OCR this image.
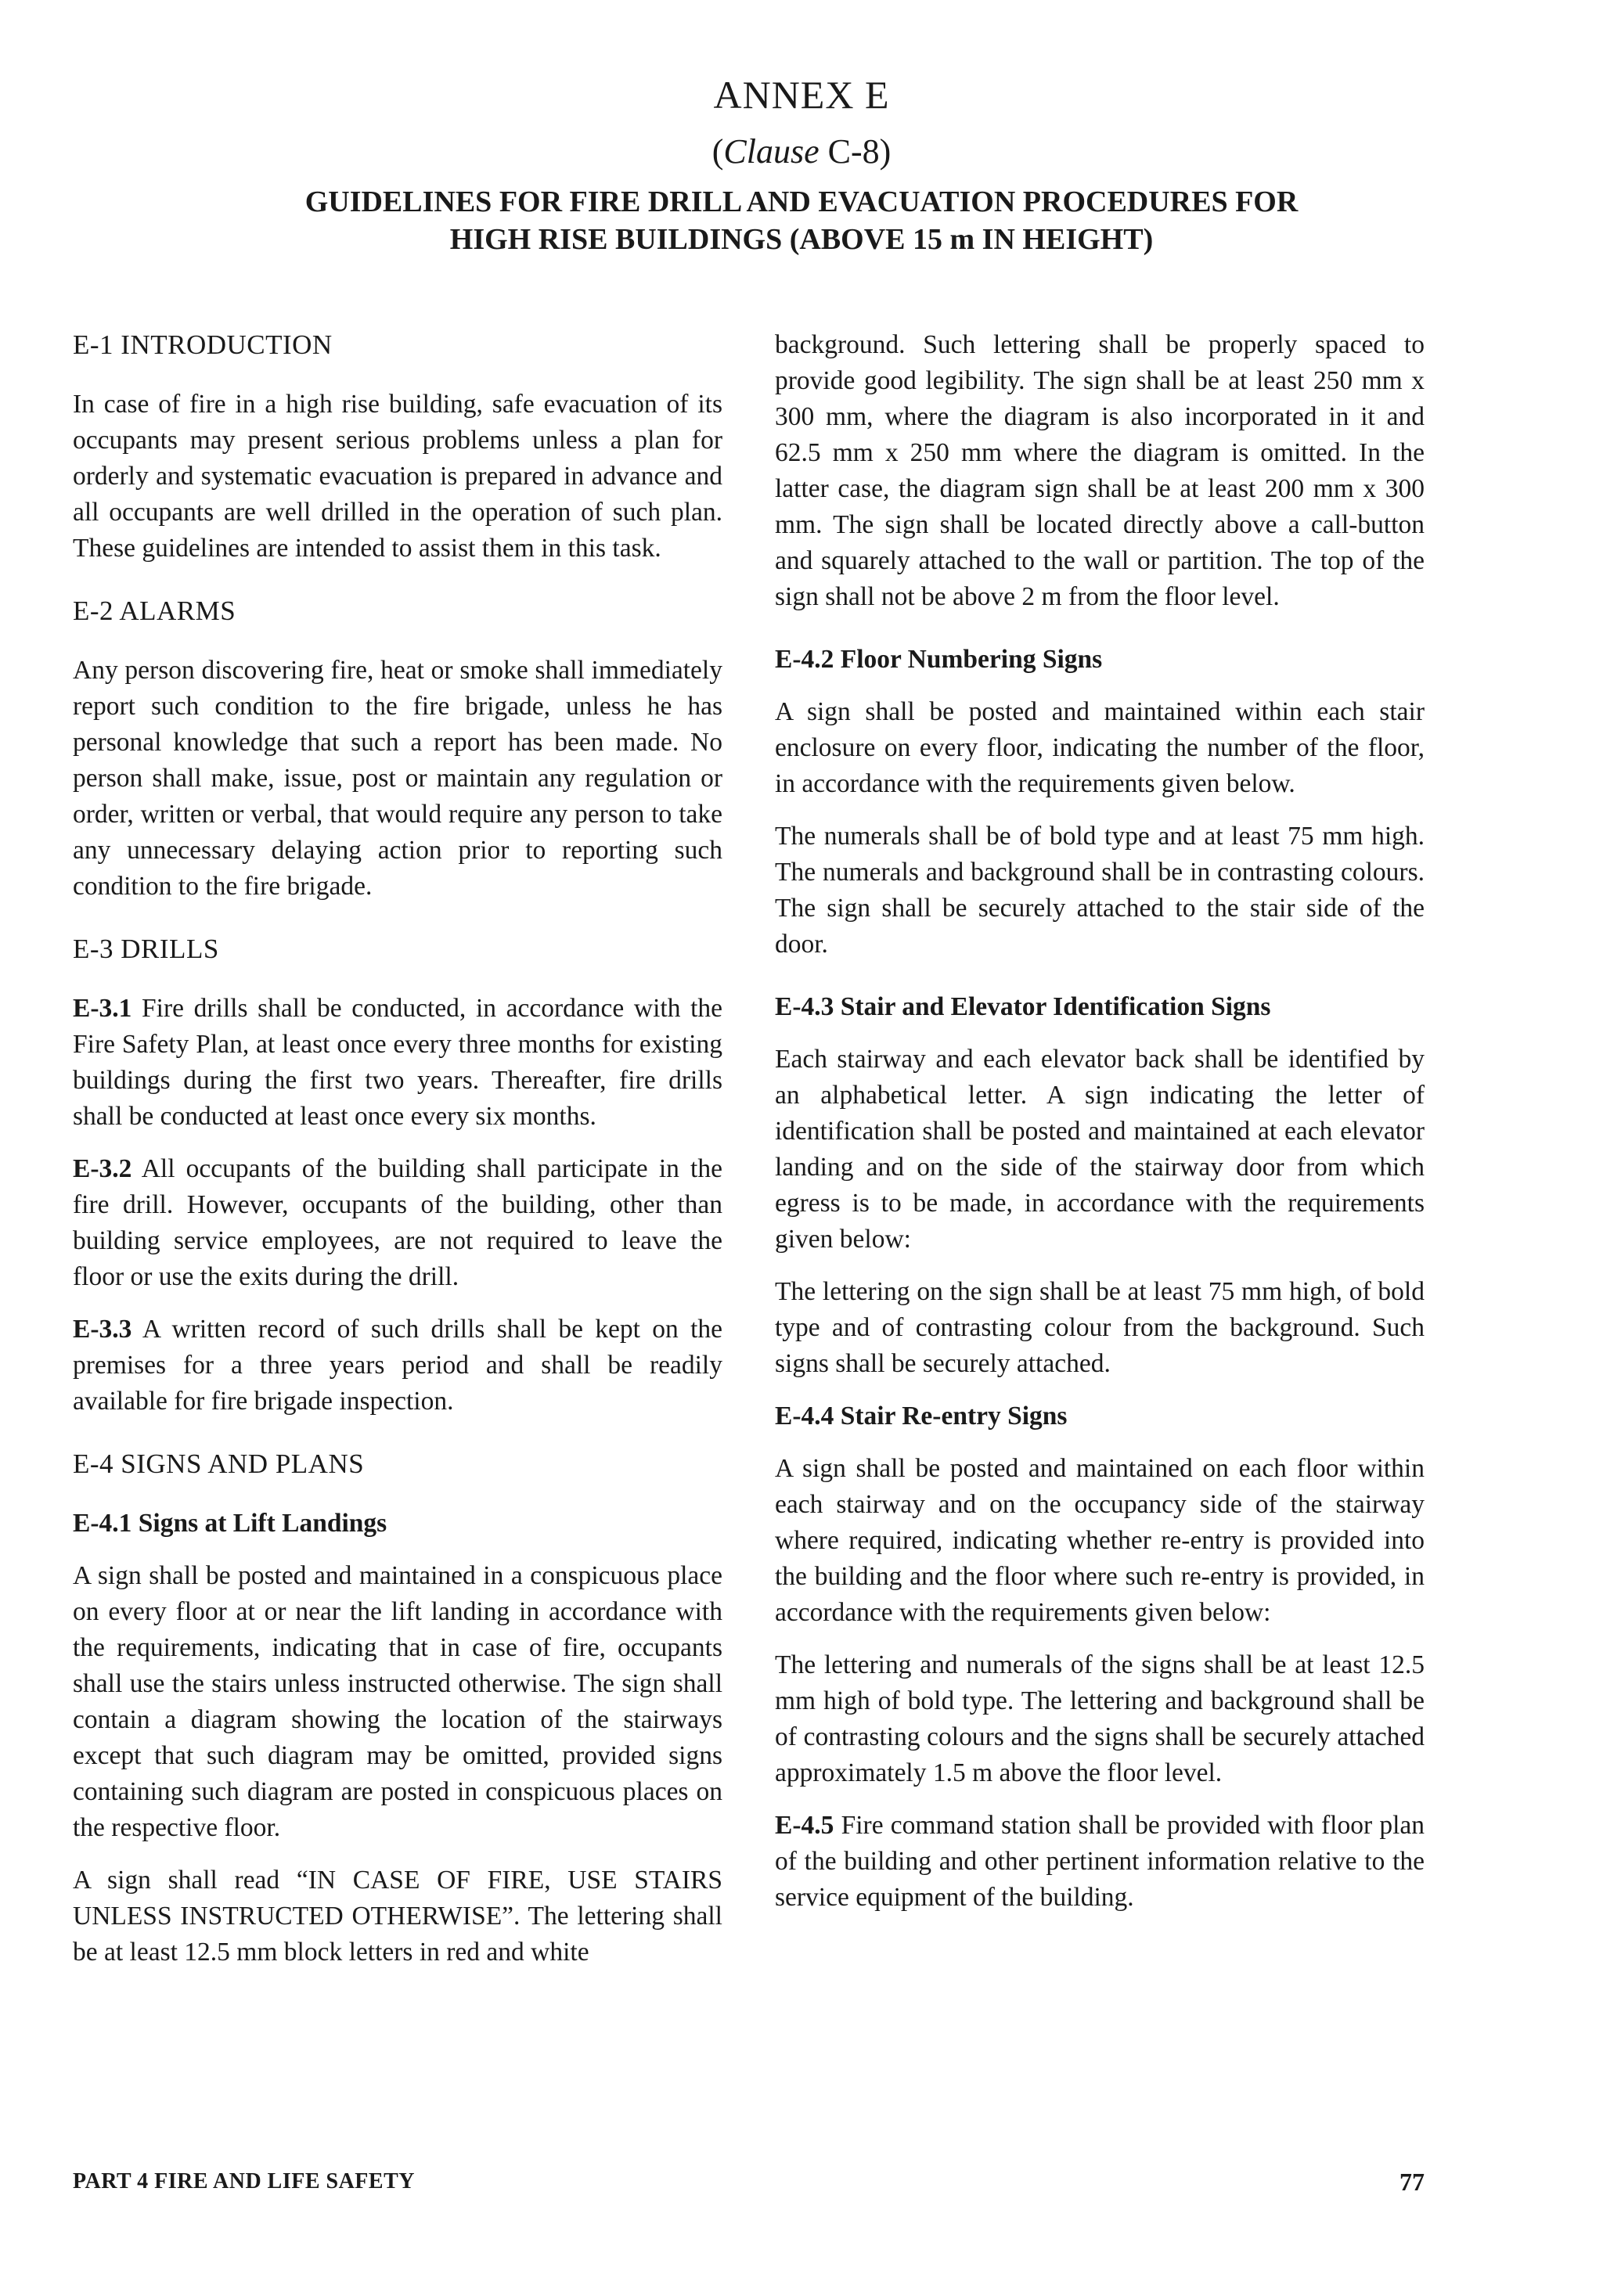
ANNEX E
(Clause C-8)
GUIDELINES FOR FIRE DRILL AND EVACUATION PROCEDURES FOR
HIGH RISE BUILDINGS (ABOVE 15 m IN HEIGHT)
E-1 INTRODUCTION

In case of fire in a high rise building, safe evacuation of its occupants may present serious problems unless a plan for orderly and systematic evacuation is prepared in advance and all occupants are well drilled in the operation of such plan. These guidelines are intended to assist them in this task.

E-2 ALARMS

Any person discovering fire, heat or smoke shall immediately report such condition to the fire brigade, unless he has personal knowledge that such a report has been made. No person shall make, issue, post or maintain any regulation or order, written or verbal, that would require any person to take any unnecessary delaying action prior to reporting such condition to the fire brigade.

E-3 DRILLS

E-3.1 Fire drills shall be conducted, in accordance with the Fire Safety Plan, at least once every three months for existing buildings during the first two years. Thereafter, fire drills shall be conducted at least once every six months.

E-3.2 All occupants of the building shall participate in the fire drill. However, occupants of the building, other than building service employees, are not required to leave the floor or use the exits during the drill.

E-3.3 A written record of such drills shall be kept on the premises for a three years period and shall be readily available for fire brigade inspection.

E-4 SIGNS AND PLANS
E-4.1 Signs at Lift Landings

A sign shall be posted and maintained in a conspicuous place on every floor at or near the lift landing in accordance with the requirements, indicating that in case of fire, occupants shall use the stairs unless instructed otherwise. The sign shall contain a diagram showing the location of the stairways except that such diagram may be omitted, provided signs containing such diagram are posted in conspicuous places on the respective floor.

A sign shall read “IN CASE OF FIRE, USE STAIRS UNLESS INSTRUCTED OTHERWISE”. The lettering shall be at least 12.5 mm block letters in red and white

background. Such lettering shall be properly spaced to provide good legibility. The sign shall be at least 250 mm x 300 mm, where the diagram is also incorporated in it and 62.5 mm x 250 mm where the diagram is omitted. In the latter case, the diagram sign shall be at least 200 mm x 300 mm. The sign shall be located directly above a call-button and squarely attached to the wall or partition. The top of the sign shall not be above 2 m from the floor level.

E-4.2 Floor Numbering Signs

A sign shall be posted and maintained within each stair enclosure on every floor, indicating the number of the floor, in accordance with the requirements given below.

The numerals shall be of bold type and at least 75 mm high. The numerals and background shall be in contrasting colours. The sign shall be securely attached to the stair side of the door.

E-4.3 Stair and Elevator Identification Signs

Each stairway and each elevator back shall be identified by an alphabetical letter. A sign indicating the letter of identification shall be posted and maintained at each elevator landing and on the side of the stairway door from which egress is to be made, in accordance with the requirements given below:

The lettering on the sign shall be at least 75 mm high, of bold type and of contrasting colour from the background. Such signs shall be securely attached.

E-4.4 Stair Re-entry Signs

A sign shall be posted and maintained on each floor within each stairway and on the occupancy side of the stairway where required, indicating whether re-entry is provided into the building and the floor where such re-entry is provided, in accordance with the requirements given below:

The lettering and numerals of the signs shall be at least 12.5 mm high of bold type. The lettering and background shall be of contrasting colours and the signs shall be securely attached approximately 1.5 m above the floor level.

E-4.5 Fire command station shall be provided with floor plan of the building and other pertinent information relative to the service equipment of the building.

PART 4 FIRE AND LIFE SAFETY	77
